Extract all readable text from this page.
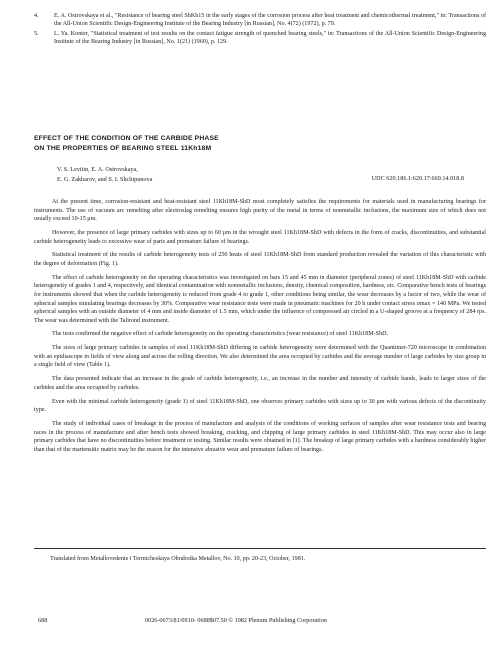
4.	E. A. Ostrovskaya et al., "Resistance of bearing steel ShKh15 in the early stages of the corrosion process after heat treatment and chemicothermal treatment," in: Transactions of the All-Union Scientific Design-Engineering Institute of the Bearing Industry [in Russian], No. 4(72) (1972), p. 79.
5.	L. Ya. Konter, "Statistical treatment of test results on the contact fatigue strength of quenched bearing steels," in: Transactions of the All-Union Scientific Design-Engineering Institute of the Bearing Industry [in Russian], No. 1(21) (1960), p. 129.
EFFECT OF THE CONDITION OF THE CARBIDE PHASE
ON THE PROPERTIES OF BEARING STEEL 11Kh18M
V. S. Levitin, E. A. Ostrovskaya,
E. G. Zakharov, and S. I. Shchipunova	UDC 620.186.1:620.17:669.14.018.8

At the present time, corrosion-resistant and heat-resistant steel 11Kh18M-ShD most completely satisfies the requirements for materials used in manufacturing bearings for instruments. The use of vacuum arc remelting after electroslag remelting ensures high purity of the metal in terms of nonmetallic inclusions, the maximum size of which does not usually exceed 10-15 μm.

However, the presence of large primary carbides with sizes up to 60 μm in the wrought steel 11Kh18M-ShD with defects in the form of cracks, discontinuities, and substantial carbide heterogeneity leads to excessive wear of parts and premature failure of bearings.

Statistical treatment of the results of carbide heterogeneity tests of 250 heats of steel 11Kh18M-ShD from standard production revealed the variation of this characteristic with the degree of deformation (Fig. 1).

The effect of carbide heterogeneity on the operating characteristics was investigated on bars 15 and 45 mm in diameter (peripheral zones) of steel 11Kh18M-ShD with carbide heterogeneity of grades 1 and 4, respectively, and identical contamination with nonmetallic inclusions, density, chemical composition, hardness, etc. Comparative bench tests of bearings for instruments showed that when the carbide heterogeneity is reduced from grade 4 to grade 1, other conditions being similar, the wear decreases by a factor of two, while the wear of spherical samples simulating bearings decreases by 30%. Comparative wear resistance tests were made in pneumatic machines for 20 h under contact stress σmax = 140 MPa. We tested spherical samples with an outside diameter of 4 mm and inside diameter of 1.5 mm, which under the influence of compressed air circled in a U-shaped groove at a frequency of 284 rps. The wear was determined with the Talirond instrument.

The tests confirmed the negative effect of carbide heterogeneity on the operating characteristics (wear resistance) of steel 11Kh18M-ShD.

The sizes of large primary carbides in samples of steel 11Kh18M-ShD differing in carbide heterogeneity were determined with the Quantimet-720 microscope in combination with an epidiascope in fields of view along and across the rolling direction. We also determined the area occupied by carbides and the average number of large carbides by size group in a single field of view (Table 1).

The data presented indicate that an increase in the grade of carbide heterogeneity, i.e., an increase in the number and intensity of carbide bands, leads to larger sizes of the carbides and the area occupied by carbides.

Even with the minimal carbide heterogeneity (grade 1) of steel 11Kh18M-ShD, one observes primary carbides with sizes up to 30 μm with various defects of the discontinuity type.

The study of individual cases of breakage in the process of manufacture and analysis of the conditions of working surfaces of samples after wear resistance tests and bearing races in the process of manufacture and after bench tests showed breaking, cracking, and chipping of large primary carbides in steel 11Kh18M-ShD. This may occur also in large primary carbides that have no discontinuities before treatment or testing. Similar results were obtained in [1]. The breakup of large primary carbides with a hardness considerably higher than that of the martensitic matrix may be the reason for the intensive abrasive wear and premature failure of bearings.

Translated from Metallovedenie i Termicheskaya Obrabotka Metallov, No. 10, pp. 20-23, October, 1981.
688	0026-0673/81/0910- 0688$07.50 © 1982 Plenum Publishing Corporation
